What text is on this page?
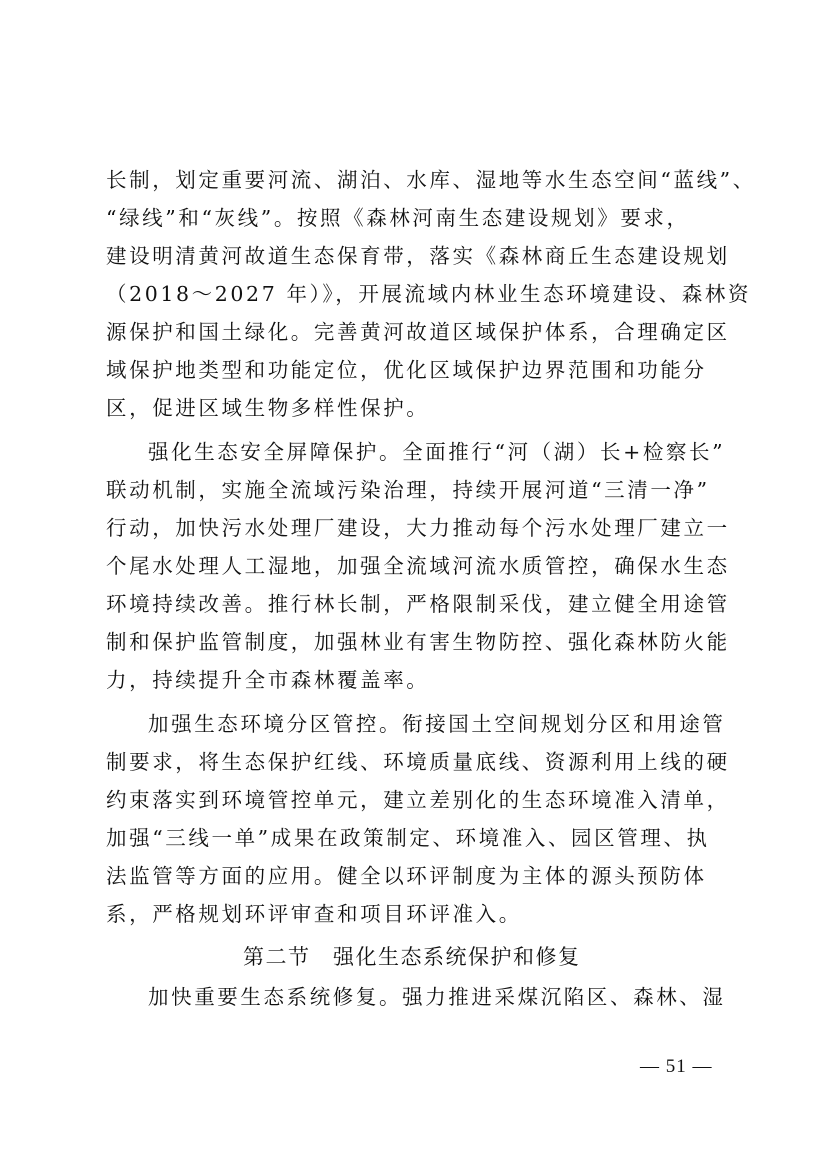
长制，划定重要河流、湖泊、水库、湿地等水生态空间“蓝线”、
“绿线”和“灰线”。按照《森林河南生态建设规划》要求，
建设明清黄河故道生态保育带，落实《森林商丘生态建设规划
（2018～2027 年）》，开展流域内林业生态环境建设、森林资
源保护和国土绿化。完善黄河故道区域保护体系，合理确定区
域保护地类型和功能定位，优化区域保护边界范围和功能分
区，促进区域生物多样性保护。
强化生态安全屏障保护。全面推行“河（湖）长+检察长”
联动机制，实施全流域污染治理，持续开展河道“三清一净”
行动，加快污水处理厂建设，大力推动每个污水处理厂建立一
个尾水处理人工湿地，加强全流域河流水质管控，确保水生态
环境持续改善。推行林长制，严格限制采伐，建立健全用途管
制和保护监管制度，加强林业有害生物防控、强化森林防火能
力，持续提升全市森林覆盖率。
加强生态环境分区管控。衔接国土空间规划分区和用途管
制要求，将生态保护红线、环境质量底线、资源利用上线的硬
约束落实到环境管控单元，建立差别化的生态环境准入清单，
加强“三线一单”成果在政策制定、环境准入、园区管理、执
法监管等方面的应用。健全以环评制度为主体的源头预防体
系，严格规划环评审查和项目环评准入。
第二节　强化生态系统保护和修复
加快重要生态系统修复。强力推进采煤沉陷区、森林、湿
— 51 —
